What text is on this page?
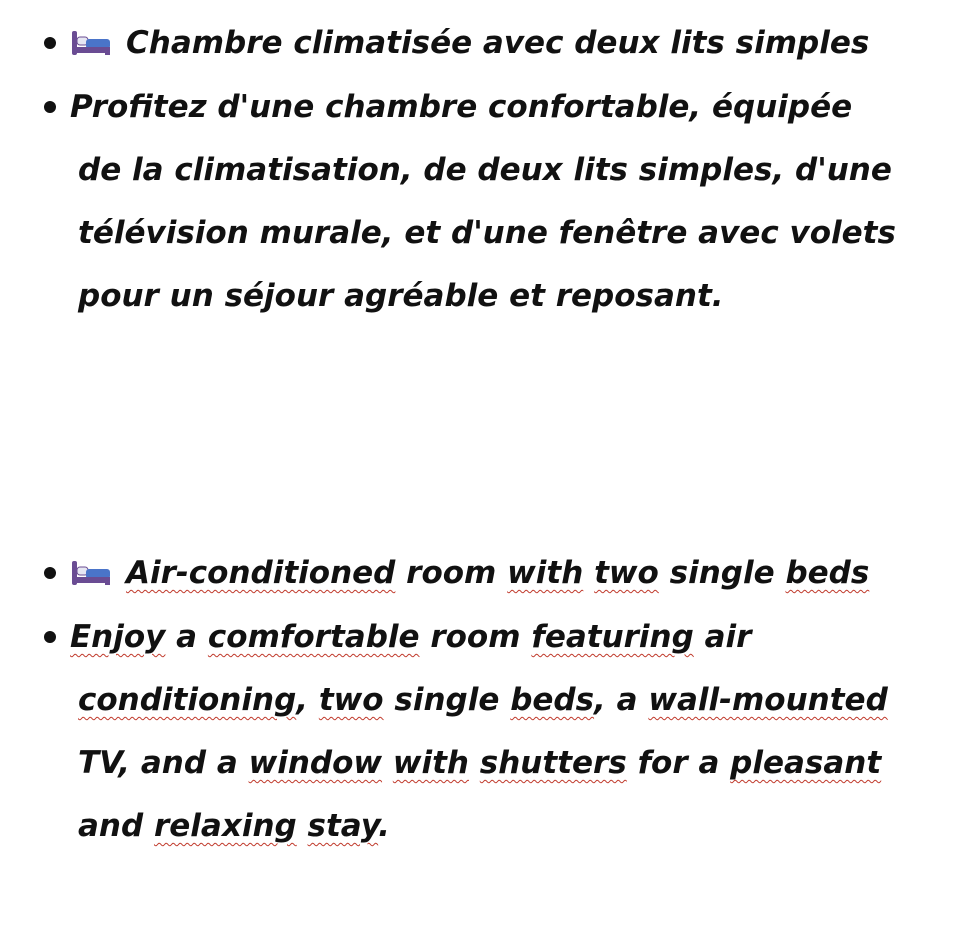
Chambre climatisée avec deux lits simples
Profitez d'une chambre confortable, équipée
de la climatisation, de deux lits simples, d'une
télévision murale, et d'une fenêtre avec volets
pour un séjour agréable et reposant.
Air-conditioned room with two single beds
Enjoy a comfortable room featuring air
conditioning, two single beds, a wall-mounted
TV, and a window with shutters for a pleasant
and relaxing stay.
